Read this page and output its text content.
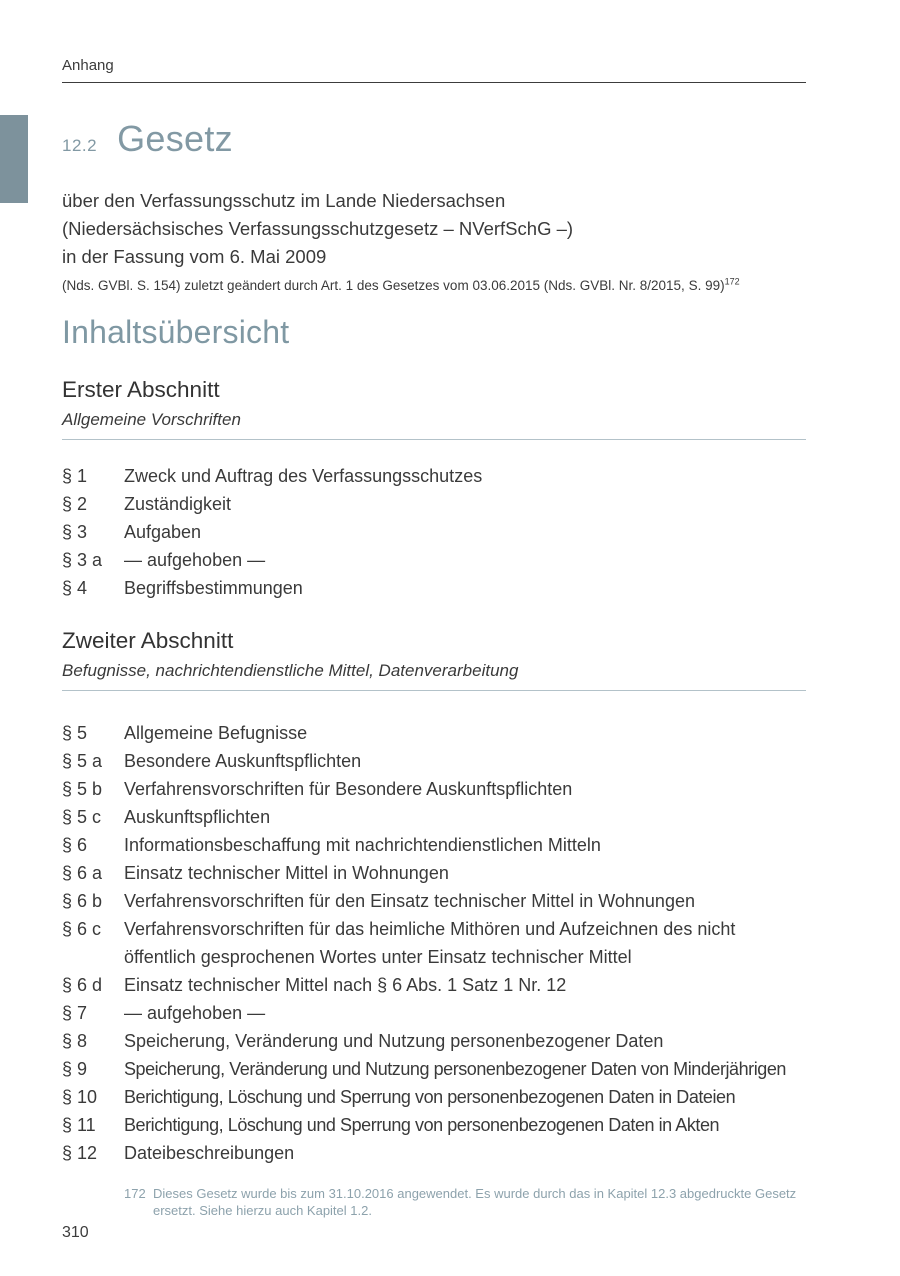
Anhang
12.2 Gesetz
über den Verfassungsschutz im Lande Niedersachsen
(Niedersächsisches Verfassungsschutzgesetz – NVerfSchG –)
in der Fassung vom 6. Mai 2009
(Nds. GVBl. S. 154) zuletzt geändert durch Art. 1 des Gesetzes vom 03.06.2015 (Nds. GVBl. Nr. 8/2015, S. 99)$^{172}$
Inhaltsübersicht
Erster Abschnitt
Allgemeine Vorschriften
§ 1	Zweck und Auftrag des Verfassungsschutzes
§ 2	Zuständigkeit
§ 3	Aufgaben
§ 3 a	— aufgehoben —
§ 4	Begriffsbestimmungen
Zweiter Abschnitt
Befugnisse, nachrichtendienstliche Mittel, Datenverarbeitung
§ 5	Allgemeine Befugnisse
§ 5 a	Besondere Auskunftspflichten
§ 5 b	Verfahrensvorschriften für Besondere Auskunftspflichten
§ 5 c	Auskunftspflichten
§ 6	Informationsbeschaffung mit nachrichtendienstlichen Mitteln
§ 6 a	Einsatz technischer Mittel in Wohnungen
§ 6 b	Verfahrensvorschriften für den Einsatz technischer Mittel in Wohnungen
§ 6 c	Verfahrensvorschriften für das heimliche Mithören und Aufzeichnen des nicht öffentlich gesprochenen Wortes unter Einsatz technischer Mittel
§ 6 d	Einsatz technischer Mittel nach § 6 Abs. 1 Satz 1 Nr. 12
§ 7	— aufgehoben —
§ 8	Speicherung, Veränderung und Nutzung personenbezogener Daten
§ 9	Speicherung, Veränderung und Nutzung personenbezogener Daten von Minderjährigen
§ 10	Berichtigung, Löschung und Sperrung von personenbezogenen Daten in Dateien
§ 11	Berichtigung, Löschung und Sperrung von personenbezogenen Daten in Akten
§ 12	Dateibeschreibungen
172 Dieses Gesetz wurde bis zum 31.10.2016 angewendet. Es wurde durch das in Kapitel 12.3 abgedruckte Gesetz ersetzt. Siehe hierzu auch Kapitel 1.2.
310
